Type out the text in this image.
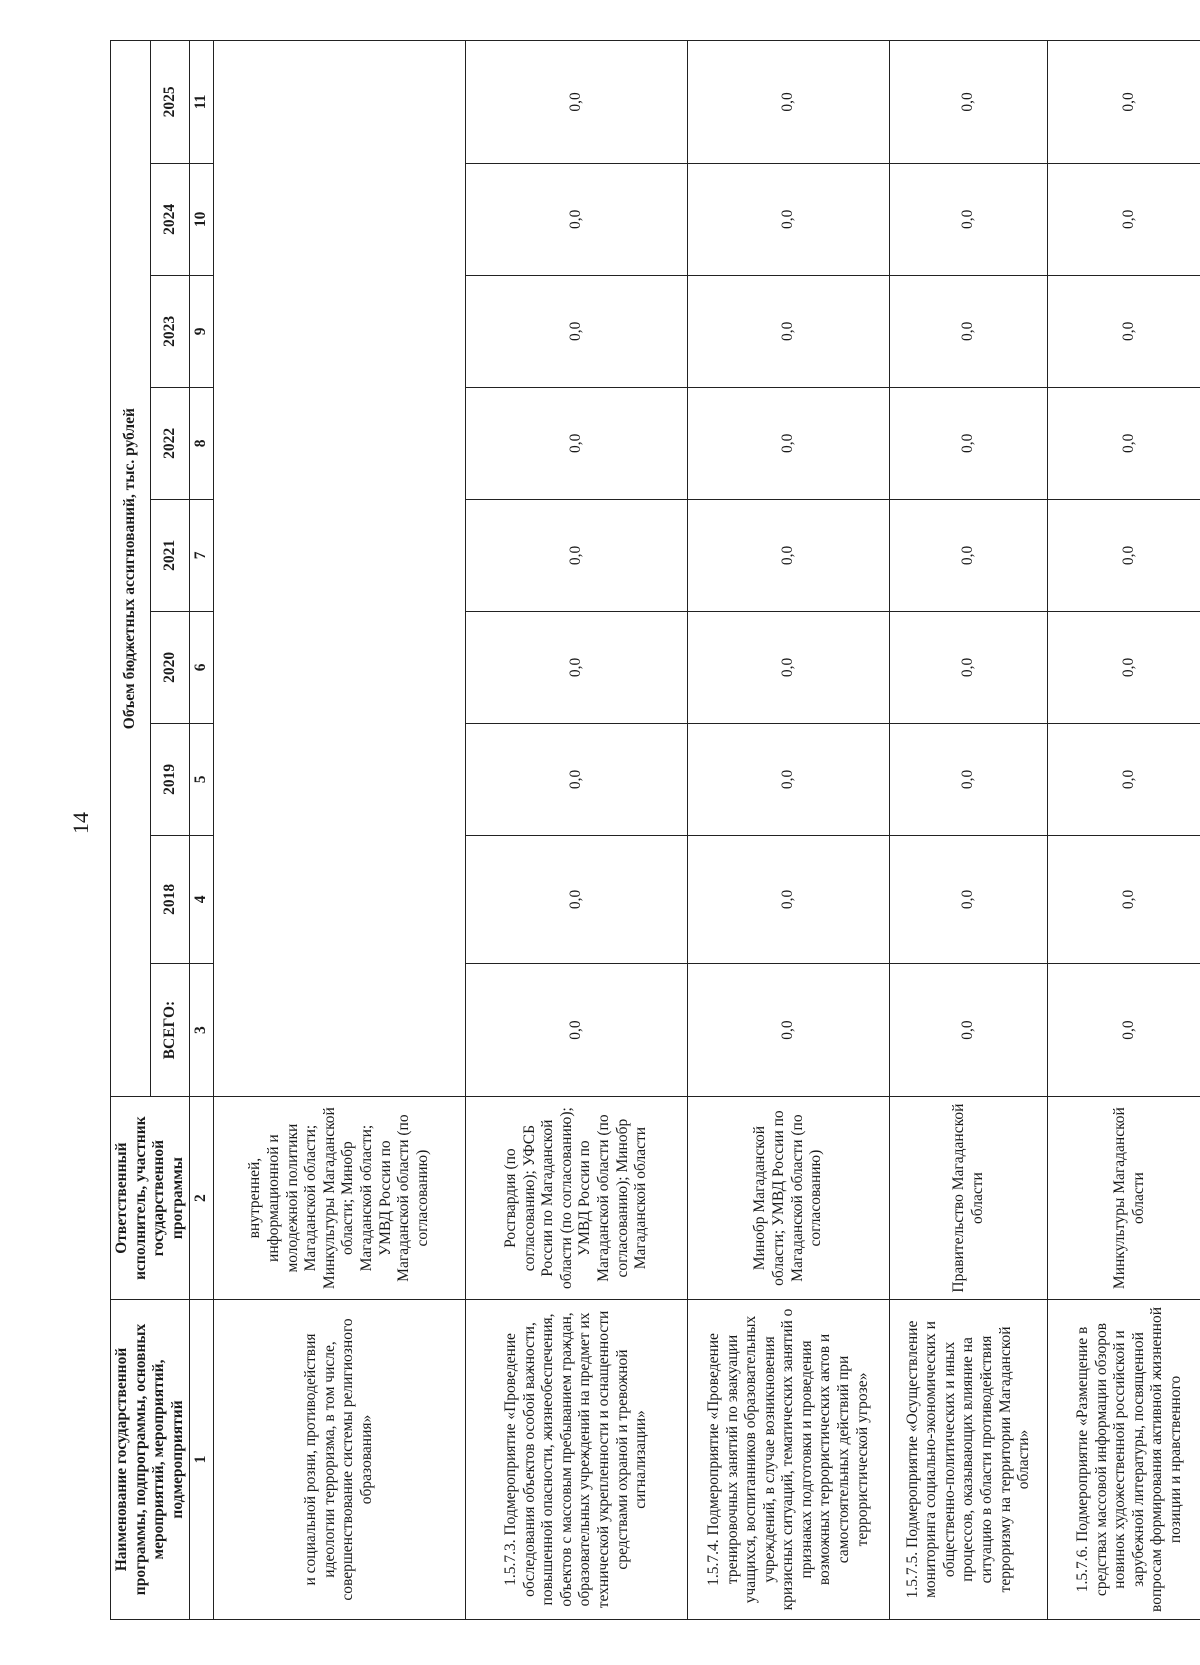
14
Наименование государственной программы, подпрограммы, основных мероприятий, мероприятий, подмероприятий	Ответственный исполнитель, участник государственной программы	Объем бюджетных ассигнований, тыс. рублей								
		ВСЕГО:	2018	2019	2020	2021	2022	2023	2024	2025
1	2	3	4	5	6	7	8	9	10	11
и социальной розни, противодействия идеологии терроризма, в том числе, совершенствование системы религиозного образования»	внутренней, информационной и молодежной политики Магаданской области; Минкультуры Магаданской области; Минобр Магаданской области; УМВД России по Магаданской области (по согласованию)									
1.5.7.3. Подмероприятие «Проведение обследования объектов особой важности, повышенной опасности, жизнеобеспечения, объектов с массовым пребыванием граждан, образовательных учреждений на предмет их технической укрепленности и оснащенности средствами охраной и тревожной сигнализации»	Росгвардия (по согласованию); УФСБ России по Магаданской области (по согласованию); УМВД России по Магаданской области (по согласованию); Минобр Магаданской области	0,0	0,0	0,0	0,0	0,0	0,0	0,0	0,0	0,0
1.5.7.4. Подмероприятие «Проведение тренировочных занятий по эвакуации учащихся, воспитанников образовательных учреждений, в случае возникновения кризисных ситуаций, тематических занятий о признаках подготовки и проведения возможных террористических актов и самостоятельных действий при террористической угрозе»	Минобр Магаданской области; УМВД России по Магаданской области (по согласованию)	0,0	0,0	0,0	0,0	0,0	0,0	0,0	0,0	0,0
1.5.7.5. Подмероприятие «Осуществление мониторинга социально-экономических и общественно-политических и иных процессов, оказывающих влияние на ситуацию в области противодействия терроризму на территории Магаданской области»	Правительство Магаданской области	0,0	0,0	0,0	0,0	0,0	0,0	0,0	0,0	0,0
1.5.7.6. Подмероприятие «Размещение в средствах массовой информации обзоров новинок художественной российской и зарубежной литературы, посвященной вопросам формирования активной жизненной позиции и нравственного	Минкультуры Магаданской области	0,0	0,0	0,0	0,0	0,0	0,0	0,0	0,0	0,0
